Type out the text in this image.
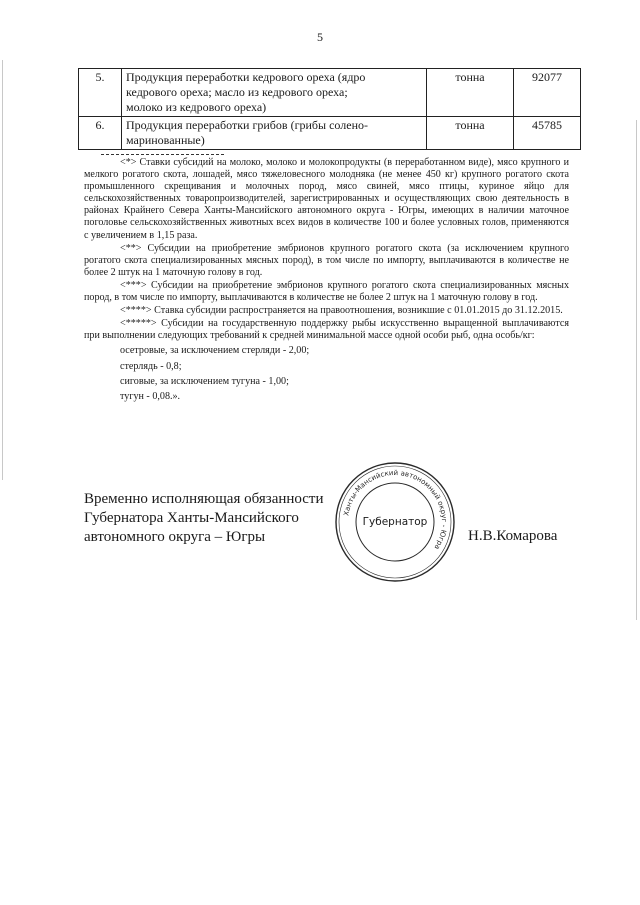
5
5.	Продукция переработки кедрового ореха (ядро
кедрового ореха; масло из кедрового ореха;
молоко из кедрового ореха)	тонна	92077
6.	Продукция переработки грибов (грибы солено-
маринованные)	тонна	45785

<*> Ставки субсидий на молоко, молоко и молокопродукты (в переработанном виде), мясо крупного и мелкого рогатого скота, лошадей, мясо тяжеловесного молодняка (не менее 450 кг) крупного рогатого скота промышленного скрещивания и молочных пород, мясо свиней, мясо птицы, куриное яйцо для сельскохозяйственных товаропроизводителей, зарегистрированных и осуществляющих свою деятельность в районах Крайнего Севера Ханты-Мансийского автономного округа - Югры, имеющих в наличии маточное поголовье сельскохозяйственных животных всех видов в количестве 100 и более условных голов, применяются с увеличением в 1,15 раза.

<**> Субсидии на приобретение эмбрионов крупного рогатого скота (за исключением крупного рогатого скота специализированных мясных пород), в том числе по импорту, выплачиваются в количестве не более 2 штук на 1 маточную голову в год.

<***> Субсидии на приобретение эмбрионов крупного рогатого скота специализированных мясных пород, в том числе по импорту, выплачиваются в количестве не более 2 штук на 1 маточную голову в год.

<****> Ставка субсидии распространяется на правоотношения, возникшие с 01.01.2015 до 31.12.2015.

<*****> Субсидии на государственную поддержку рыбы искусственно выращенной выплачиваются при выполнении следующих требований к средней минимальной массе одной особи рыб, одна особь/кг:

осетровые, за исключением стерляди - 2,00;

стерлядь - 0,8;

сиговые, за исключением тугуна - 1,00;

тугун - 0,08.».

Временно исполняющая обязанности
Губернатора Ханты-Мансийского
автономного округа – Югры
Ханты-Мансийский автономный округ - Югра
Губернатор
Н.В.Комарова
